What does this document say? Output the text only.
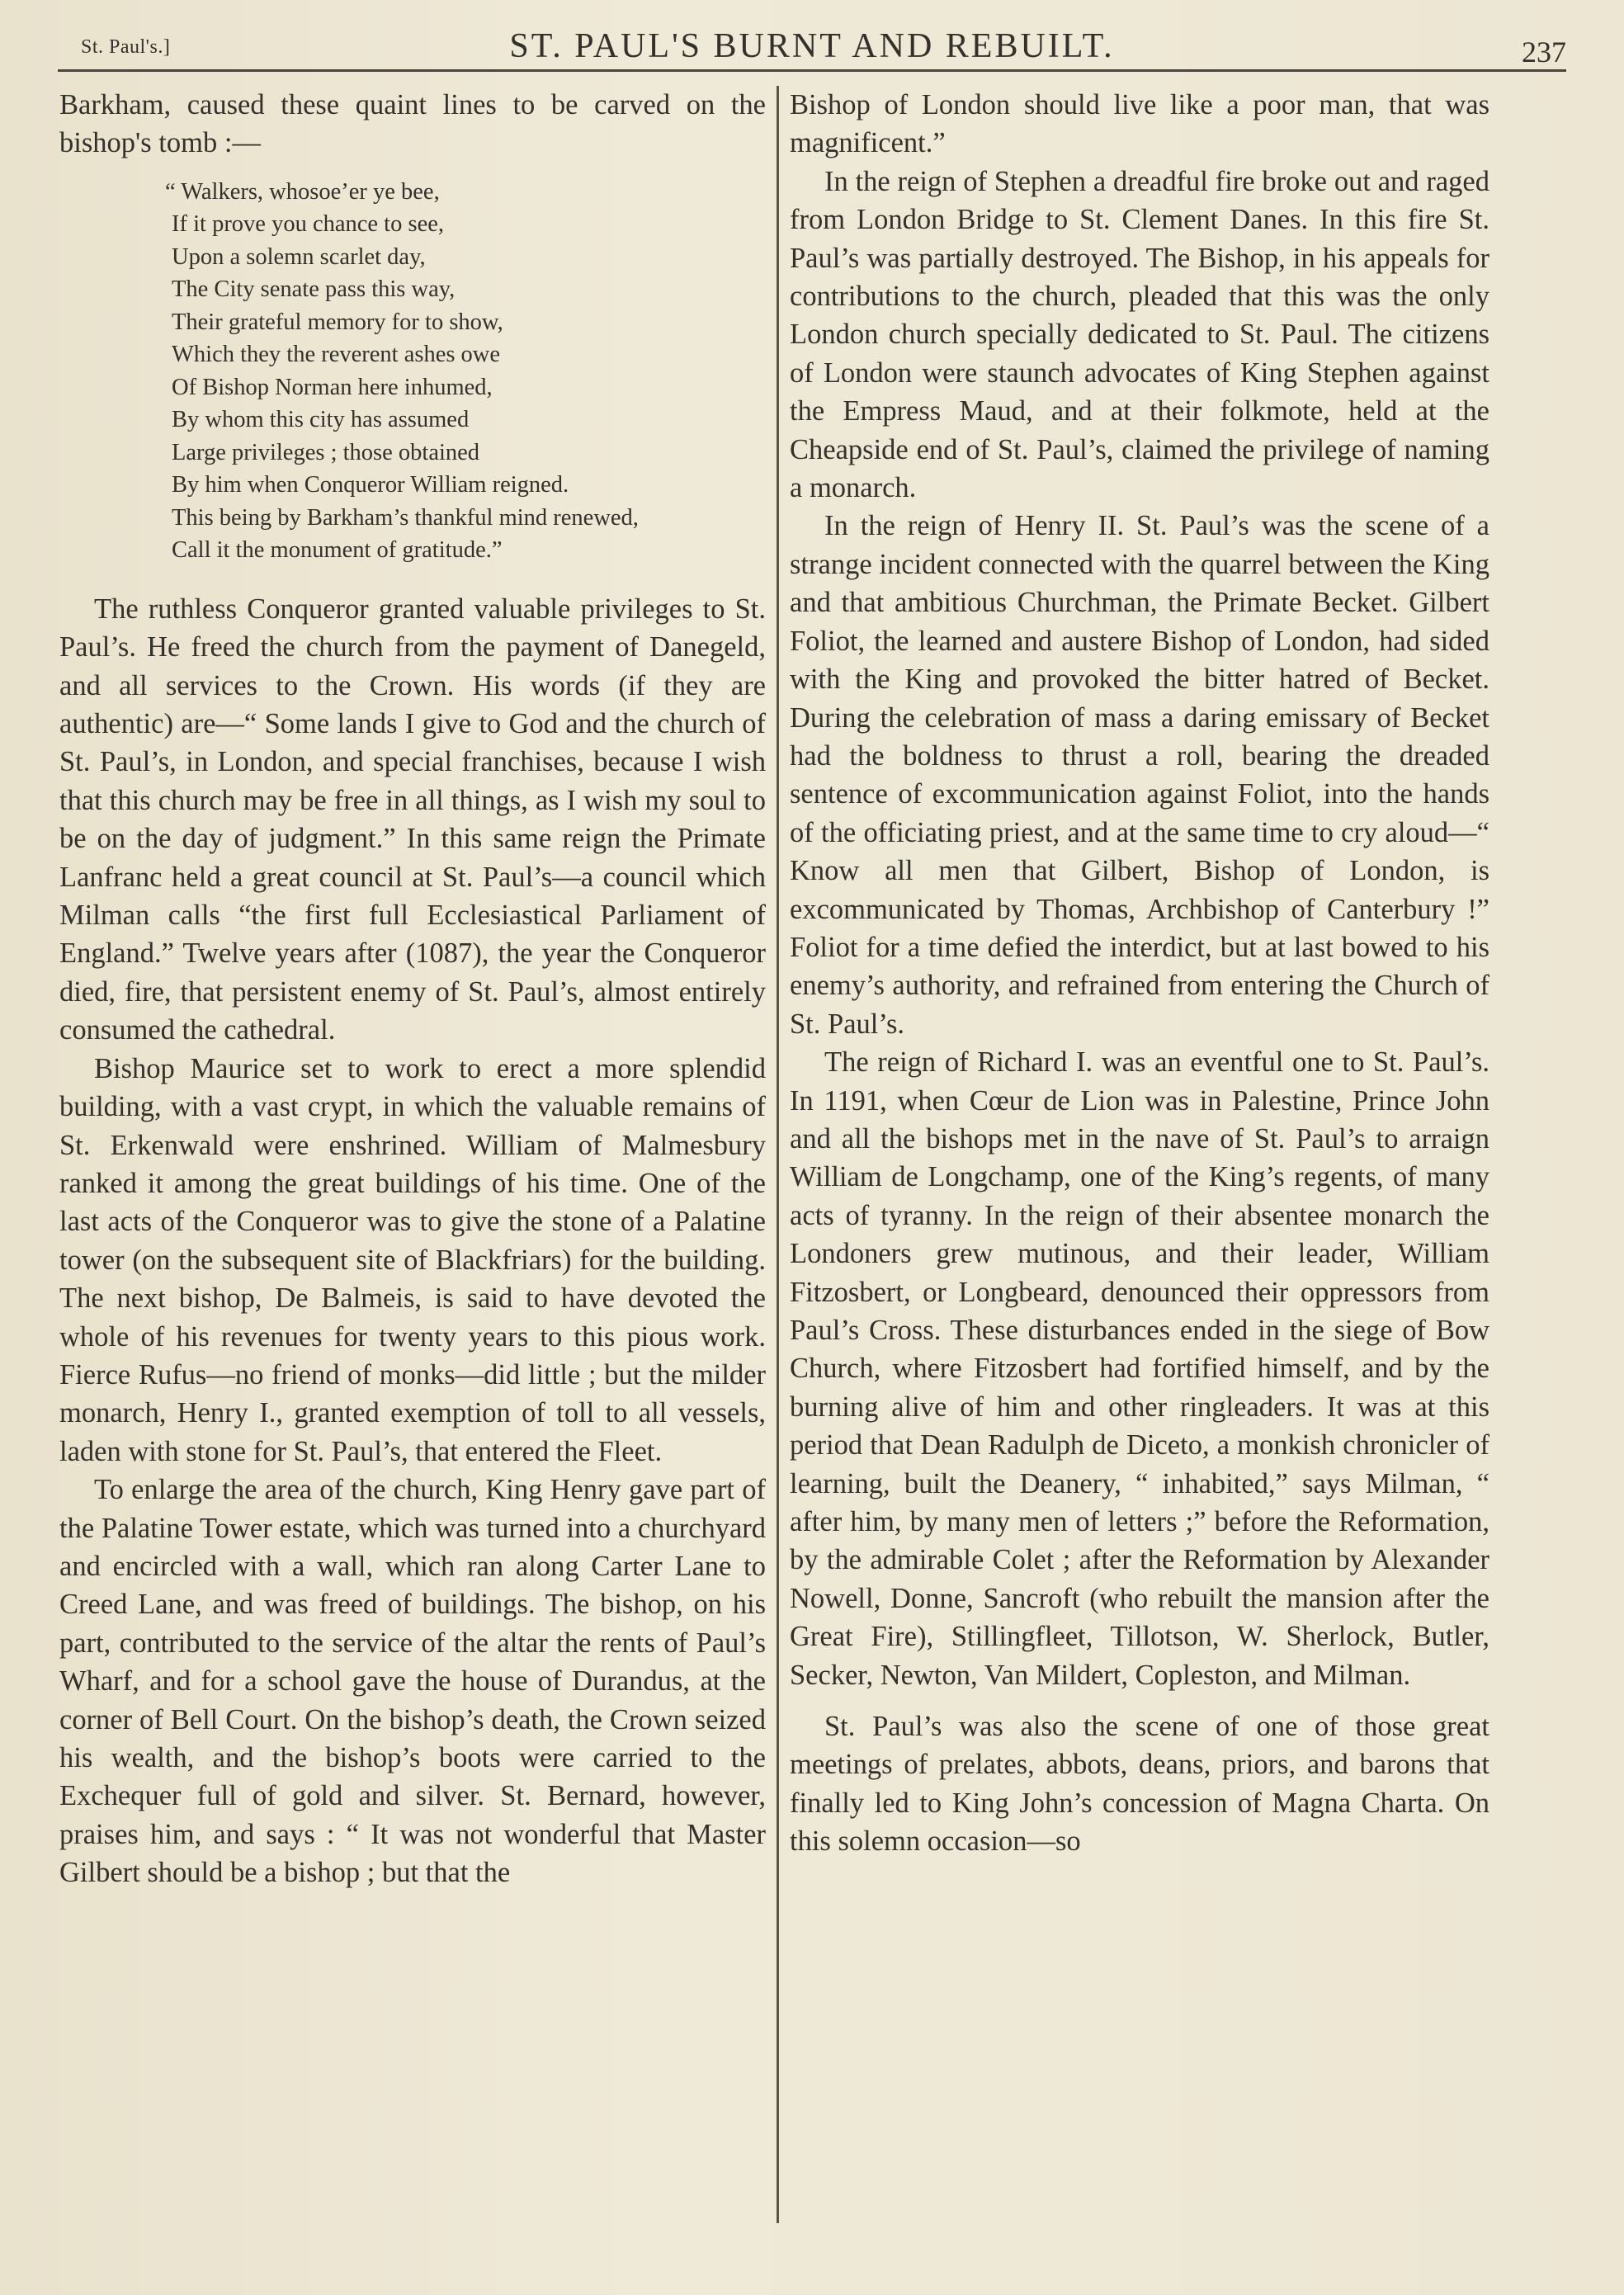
St. Paul's.]	ST. PAUL'S BURNT AND REBUILT.	237

Barkham, caused these quaint lines to be carved on the bishop's tomb :—

“ Walkers, whosoe’er ye bee,
If it prove you chance to see,
Upon a solemn scarlet day,
The City senate pass this way,
Their grateful memory for to show,
Which they the reverent ashes owe
Of Bishop Norman here inhumed,
By whom this city has assumed
Large privileges ; those obtained
By him when Conqueror William reigned.
This being by Barkham’s thankful mind renewed,
Call it the monument of gratitude.”

The ruthless Conqueror granted valuable privileges to St. Paul’s. He freed the church from the payment of Danegeld, and all services to the Crown. His words (if they are authentic) are—“ Some lands I give to God and the church of St. Paul’s, in London, and special franchises, because I wish that this church may be free in all things, as I wish my soul to be on the day of judgment.” In this same reign the Primate Lanfranc held a great council at St. Paul’s—a council which Milman calls “the first full Ecclesiastical Parliament of England.” Twelve years after (1087), the year the Conqueror died, fire, that persistent enemy of St. Paul’s, almost entirely consumed the cathedral.

Bishop Maurice set to work to erect a more splendid building, with a vast crypt, in which the valuable remains of St. Erkenwald were enshrined. William of Malmesbury ranked it among the great buildings of his time. One of the last acts of the Conqueror was to give the stone of a Palatine tower (on the subsequent site of Blackfriars) for the building. The next bishop, De Balmeis, is said to have devoted the whole of his revenues for twenty years to this pious work. Fierce Rufus—no friend of monks—did little ; but the milder monarch, Henry I., granted exemption of toll to all vessels, laden with stone for St. Paul’s, that entered the Fleet.

To enlarge the area of the church, King Henry gave part of the Palatine Tower estate, which was turned into a churchyard and encircled with a wall, which ran along Carter Lane to Creed Lane, and was freed of buildings. The bishop, on his part, contributed to the service of the altar the rents of Paul’s Wharf, and for a school gave the house of Durandus, at the corner of Bell Court. On the bishop’s death, the Crown seized his wealth, and the bishop’s boots were carried to the Exchequer full of gold and silver. St. Bernard, however, praises him, and says : “ It was not wonderful that Master Gilbert should be a bishop ; but that the

Bishop of London should live like a poor man, that was magnificent.”

In the reign of Stephen a dreadful fire broke out and raged from London Bridge to St. Clement Danes. In this fire St. Paul’s was partially destroyed. The Bishop, in his appeals for contributions to the church, pleaded that this was the only London church specially dedicated to St. Paul. The citizens of London were staunch advocates of King Stephen against the Empress Maud, and at their folkmote, held at the Cheapside end of St. Paul’s, claimed the privilege of naming a monarch.

In the reign of Henry II. St. Paul’s was the scene of a strange incident connected with the quarrel between the King and that ambitious Churchman, the Primate Becket. Gilbert Foliot, the learned and austere Bishop of London, had sided with the King and provoked the bitter hatred of Becket. During the celebration of mass a daring emissary of Becket had the boldness to thrust a roll, bearing the dreaded sentence of excommunication against Foliot, into the hands of the officiating priest, and at the same time to cry aloud—“ Know all men that Gilbert, Bishop of London, is excommunicated by Thomas, Archbishop of Canterbury !” Foliot for a time defied the interdict, but at last bowed to his enemy’s authority, and refrained from entering the Church of St. Paul’s.

The reign of Richard I. was an eventful one to St. Paul’s. In 1191, when Cœur de Lion was in Palestine, Prince John and all the bishops met in the nave of St. Paul’s to arraign William de Longchamp, one of the King’s regents, of many acts of tyranny. In the reign of their absentee monarch the Londoners grew mutinous, and their leader, William Fitzosbert, or Longbeard, denounced their oppressors from Paul’s Cross. These disturbances ended in the siege of Bow Church, where Fitzosbert had fortified himself, and by the burning alive of him and other ringleaders. It was at this period that Dean Radulph de Diceto, a monkish chronicler of learning, built the Deanery, “ inhabited,” says Milman, “ after him, by many men of letters ;” before the Reformation, by the admirable Colet ; after the Reformation by Alexander Nowell, Donne, Sancroft (who rebuilt the mansion after the Great Fire), Stillingfleet, Tillotson, W. Sherlock, Butler, Secker, Newton, Van Mildert, Copleston, and Milman.

St. Paul’s was also the scene of one of those great meetings of prelates, abbots, deans, priors, and barons that finally led to King John’s concession of Magna Charta. On this solemn occasion—so
